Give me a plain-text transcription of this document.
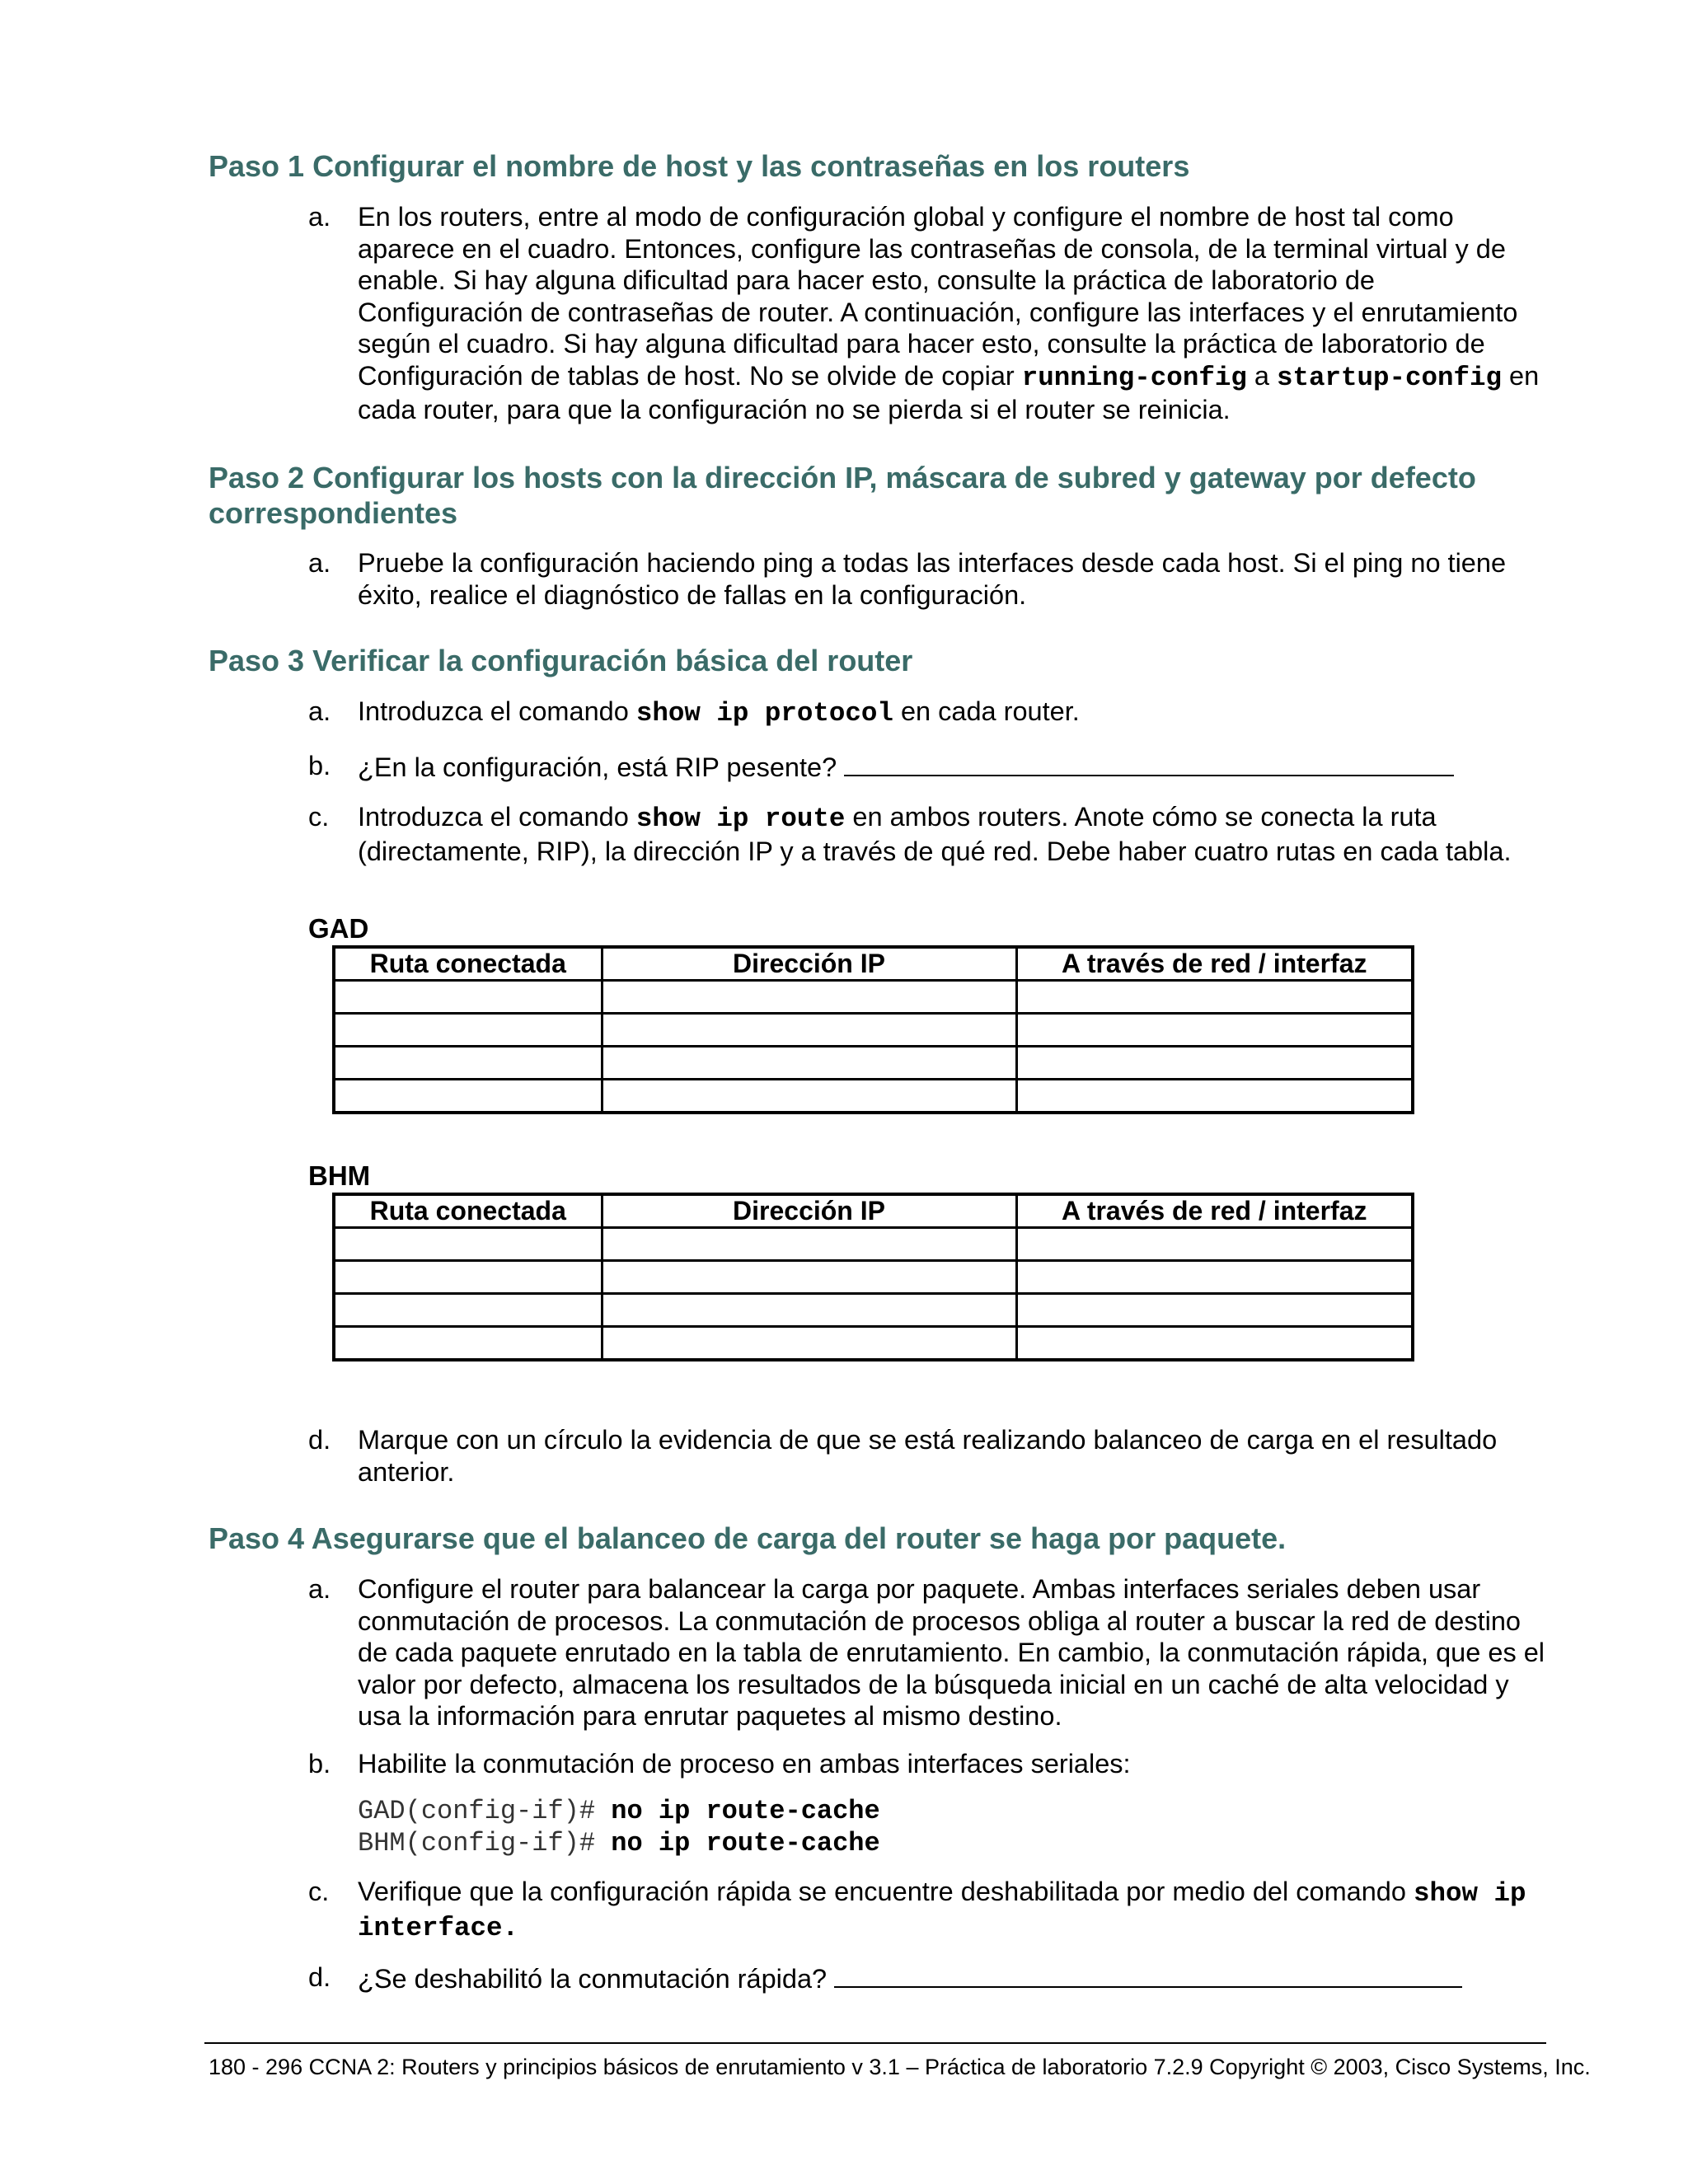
Paso 1 Configurar el nombre de host y las contraseñas en los routers
a. En los routers, entre al modo de configuración global y configure el nombre de host tal como aparece en el cuadro. Entonces, configure las contraseñas de consola, de la terminal virtual y de enable. Si hay alguna dificultad para hacer esto, consulte la práctica de laboratorio de Configuración de contraseñas de router. A continuación, configure las interfaces y el enrutamiento según el cuadro. Si hay alguna dificultad para hacer esto, consulte la práctica de laboratorio de Configuración de tablas de host. No se olvide de copiar running-config a startup-config en cada router, para que la configuración no se pierda si el router se reinicia.
Paso 2 Configurar los hosts con la dirección IP, máscara de subred y gateway por defecto correspondientes
a. Pruebe la configuración haciendo ping a todas las interfaces desde cada host. Si el ping no tiene éxito, realice el diagnóstico de fallas en la configuración.
Paso 3 Verificar la configuración básica del router
a. Introduzca el comando show ip protocol en cada router.
b. ¿En la configuración, está RIP pesente?
c. Introduzca el comando show ip route en ambos routers. Anote cómo se conecta la ruta (directamente, RIP), la dirección IP y a través de qué red. Debe haber cuatro rutas en cada tabla.
GAD
Ruta conectada	Dirección IP	A través de red / interfaz

BHM
Ruta conectada	Dirección IP	A través de red / interfaz

d. Marque con un círculo la evidencia de que se está realizando balanceo de carga en el resultado anterior.
Paso 4 Asegurarse que el balanceo de carga del router se haga por paquete.
a. Configure el router para balancear la carga por paquete. Ambas interfaces seriales deben usar conmutación de procesos. La conmutación de procesos obliga al router a buscar la red de destino de cada paquete enrutado en la tabla de enrutamiento. En cambio, la conmutación rápida, que es el valor por defecto, almacena los resultados de la búsqueda inicial en un caché de alta velocidad y usa la información para enrutar paquetes al mismo destino.
b. Habilite la conmutación de proceso en ambas interfaces seriales:
GAD(config-if)# no ip route-cache
BHM(config-if)# no ip route-cache
c. Verifique que la configuración rápida se encuentre deshabilitada por medio del comando show ip interface.
d. ¿Se deshabilitó la conmutación rápida?
180 - 296 CCNA 2: Routers y principios básicos de enrutamiento v 3.1 – Práctica de laboratorio 7.2.9 Copyright © 2003, Cisco Systems, Inc.
